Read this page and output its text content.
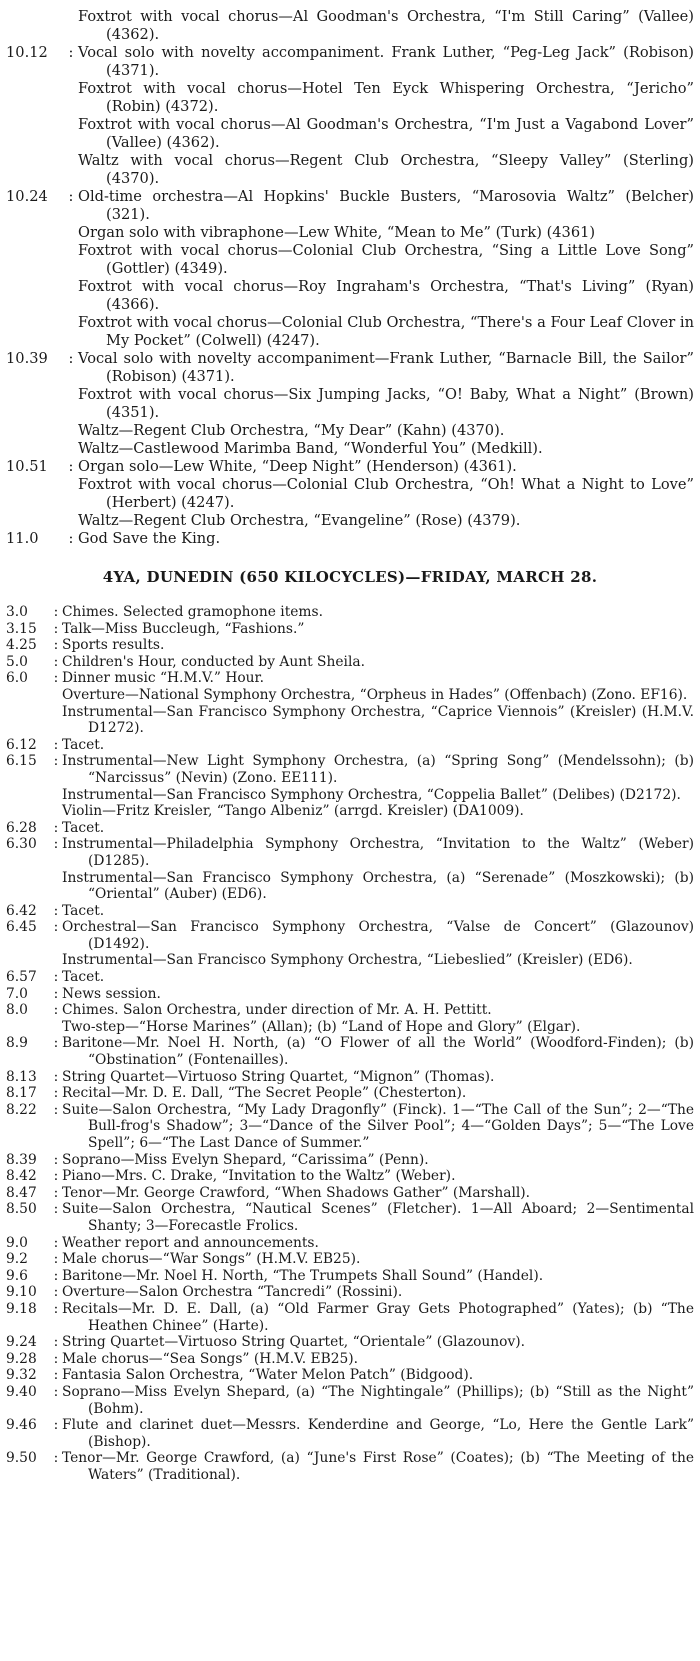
Foxtrot with vocal chorus—Al Goodman's Orchestra, “I'm Still Caring” (Vallee) (4362).
10.12	: Vocal solo with novelty accompaniment. Frank Luther, “Peg-Leg Jack” (Robison) (4371).
Foxtrot with vocal chorus—Hotel Ten Eyck Whispering Orchestra, “Jericho” (Robin) (4372).
Foxtrot with vocal chorus—Al Goodman's Orchestra, “I'm Just a Vagabond Lover” (Vallee) (4362).
Waltz with vocal chorus—Regent Club Orchestra, “Sleepy Valley” (Sterling) (4370).
10.24	: Old-time orchestra—Al Hopkins' Buckle Busters, “Marosovia Waltz” (Belcher) (321).
Organ solo with vibraphone—Lew White, “Mean to Me” (Turk) (4361)
Foxtrot with vocal chorus—Colonial Club Orchestra, “Sing a Little Love Song” (Gottler) (4349).
Foxtrot with vocal chorus—Roy Ingraham's Orchestra, “That's Living” (Ryan) (4366).
Foxtrot with vocal chorus—Colonial Club Orchestra, “There's a Four Leaf Clover in My Pocket” (Colwell) (4247).
10.39	: Vocal solo with novelty accompaniment—Frank Luther, “Barnacle Bill, the Sailor” (Robison) (4371).
Foxtrot with vocal chorus—Six Jumping Jacks, “O! Baby, What a Night” (Brown) (4351).
Waltz—Regent Club Orchestra, “My Dear” (Kahn) (4370).
Waltz—Castlewood Marimba Band, “Wonderful You” (Medkill).
10.51	: Organ solo—Lew White, “Deep Night” (Henderson) (4361).
Foxtrot with vocal chorus—Colonial Club Orchestra, “Oh! What a Night to Love” (Herbert) (4247).
Waltz—Regent Club Orchestra, “Evangeline” (Rose) (4379).
11.0	: God Save the King.
4YA, DUNEDIN (650 KILOCYCLES)—FRIDAY, MARCH 28.
3.0	: Chimes. Selected gramophone items.
3.15	: Talk—Miss Buccleugh, “Fashions.”
4.25	: Sports results.
5.0	: Children's Hour, conducted by Aunt Sheila.
6.0	: Dinner music “H.M.V.” Hour.
Overture—National Symphony Orchestra, “Orpheus in Hades” (Offenbach) (Zono. EF16).
Instrumental—San Francisco Symphony Orchestra, “Caprice Viennois” (Kreisler) (H.M.V. D1272).
6.12	: Tacet.
6.15	: Instrumental—New Light Symphony Orchestra, (a) “Spring Song” (Mendelssohn); (b) “Narcissus” (Nevin) (Zono. EE111).
Instrumental—San Francisco Symphony Orchestra, “Coppelia Ballet” (Delibes) (D2172).
Violin—Fritz Kreisler, “Tango Albeniz” (arrgd. Kreisler) (DA1009).
6.28	: Tacet.
6.30	: Instrumental—Philadelphia Symphony Orchestra, “Invitation to the Waltz” (Weber) (D1285).
Instrumental—San Francisco Symphony Orchestra, (a) “Serenade” (Moszkowski); (b) “Oriental” (Auber) (ED6).
6.42	: Tacet.
6.45	: Orchestral—San Francisco Symphony Orchestra, “Valse de Concert” (Glazounov) (D1492).
Instrumental—San Francisco Symphony Orchestra, “Liebeslied” (Kreisler) (ED6).
6.57	: Tacet.
7.0	: News session.
8.0	: Chimes. Salon Orchestra, under direction of Mr. A. H. Pettitt.
Two-step—“Horse Marines” (Allan); (b) “Land of Hope and Glory” (Elgar).
8.9	: Baritone—Mr. Noel H. North, (a) “O Flower of all the World” (Woodford-Finden); (b) “Obstination” (Fontenailles).
8.13	: String Quartet—Virtuoso String Quartet, “Mignon” (Thomas).
8.17	: Recital—Mr. D. E. Dall, “The Secret People” (Chesterton).
8.22	: Suite—Salon Orchestra, “My Lady Dragonfly” (Finck). 1—“The Call of the Sun”; 2—“The Bull-frog's Shadow”; 3—“Dance of the Silver Pool”; 4—“Golden Days”; 5—“The Love Spell”; 6—“The Last Dance of Summer.”
8.39	: Soprano—Miss Evelyn Shepard, “Carissima” (Penn).
8.42	: Piano—Mrs. C. Drake, “Invitation to the Waltz” (Weber).
8.47	: Tenor—Mr. George Crawford, “When Shadows Gather” (Marshall).
8.50	: Suite—Salon Orchestra, “Nautical Scenes” (Fletcher). 1—All Aboard; 2—Sentimental Shanty; 3—Forecastle Frolics.
9.0	: Weather report and announcements.
9.2	: Male chorus—“War Songs” (H.M.V. EB25).
9.6	: Baritone—Mr. Noel H. North, “The Trumpets Shall Sound” (Handel).
9.10	: Overture—Salon Orchestra “Tancredi” (Rossini).
9.18	: Recitals—Mr. D. E. Dall, (a) “Old Farmer Gray Gets Photographed” (Yates); (b) “The Heathen Chinee” (Harte).
9.24	: String Quartet—Virtuoso String Quartet, “Orientale” (Glazounov).
9.28	: Male chorus—“Sea Songs” (H.M.V. EB25).
9.32	: Fantasia Salon Orchestra, “Water Melon Patch” (Bidgood).
9.40	: Soprano—Miss Evelyn Shepard, (a) “The Nightingale” (Phillips); (b) “Still as the Night” (Bohm).
9.46	: Flute and clarinet duet—Messrs. Kenderdine and George, “Lo, Here the Gentle Lark” (Bishop).
9.50	: Tenor—Mr. George Crawford, (a) “June's First Rose” (Coates); (b) “The Meeting of the Waters” (Traditional).
